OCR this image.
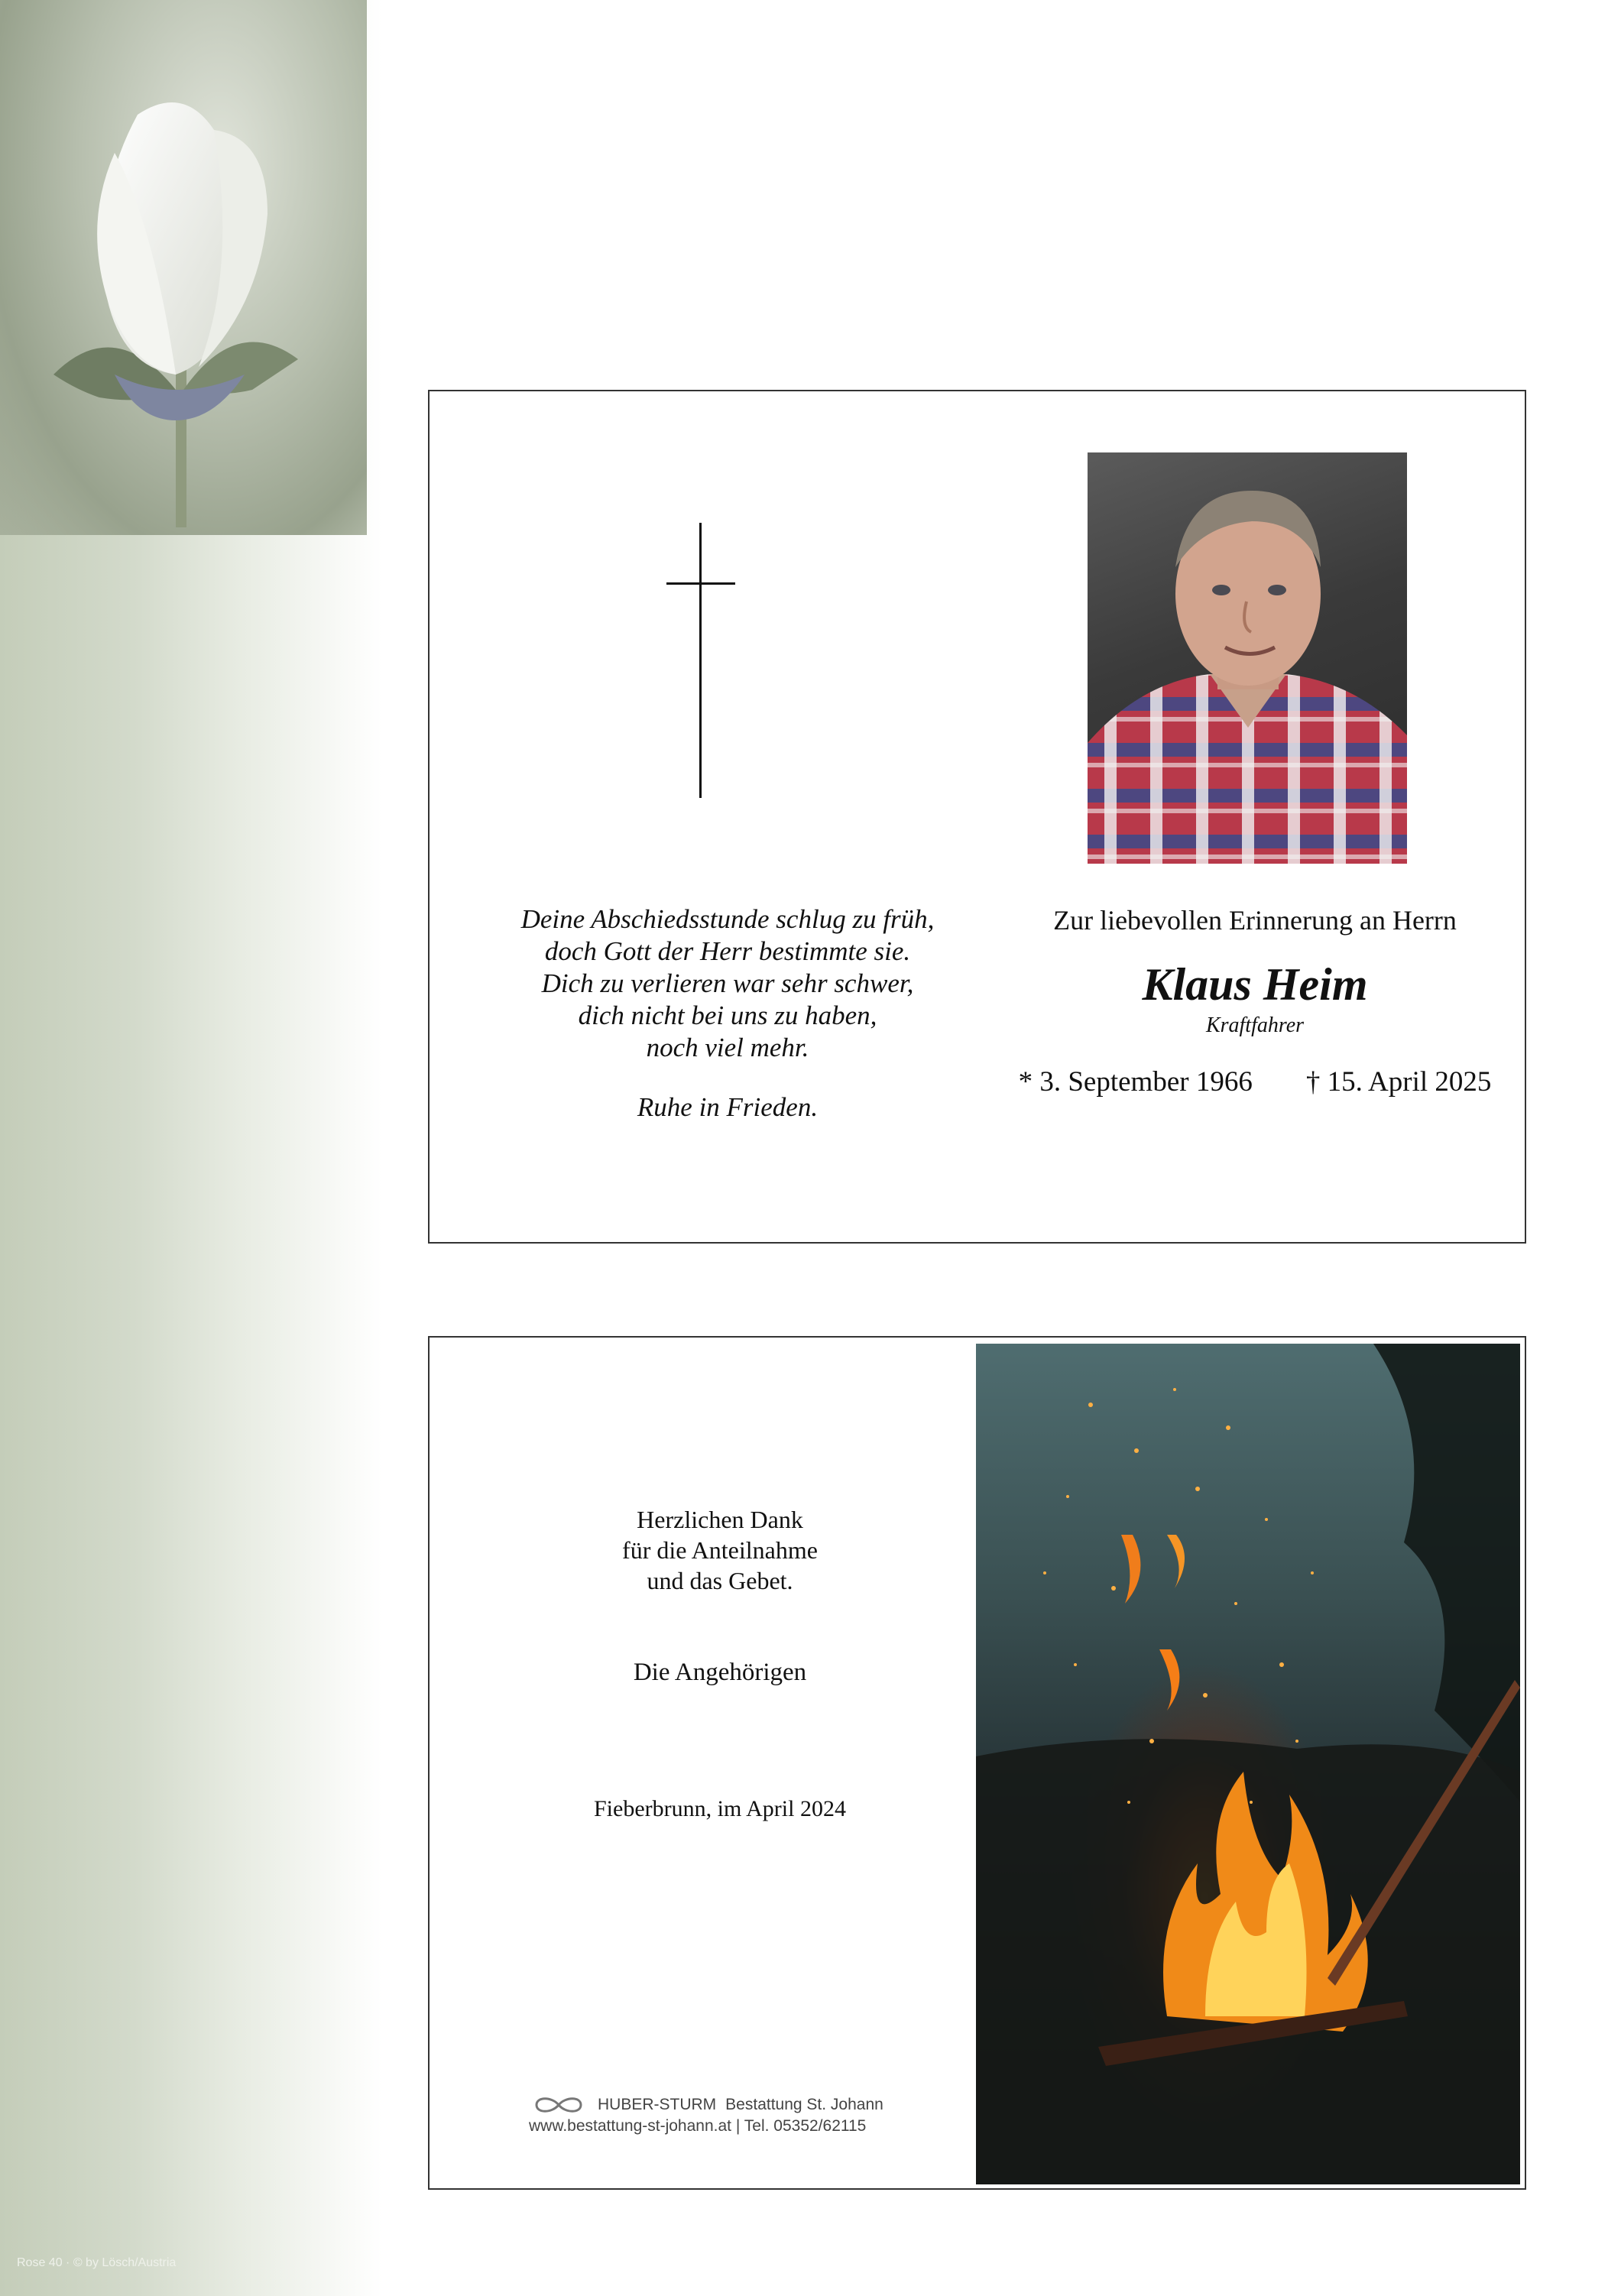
Rose 40 · © by Lösch/Austria

Deine Abschiedsstunde schlug zu früh,

doch Gott der Herr bestimmte sie.

Dich zu verlieren war sehr schwer,

dich nicht bei uns zu haben,

noch viel mehr.

Ruhe in Frieden.

Zur liebevollen Erinnerung an Herrn

Klaus Heim

Kraftfahrer

* 3. September 1966 † 15. April 2025

Herzlichen Dank

für die Anteilnahme

und das Gebet.

Die Angehörigen
Fieberbrunn, im April 2024
HUBER-STURM Bestattung St. Johann
www.bestattung-st-johann.at | Tel. 05352/62115
